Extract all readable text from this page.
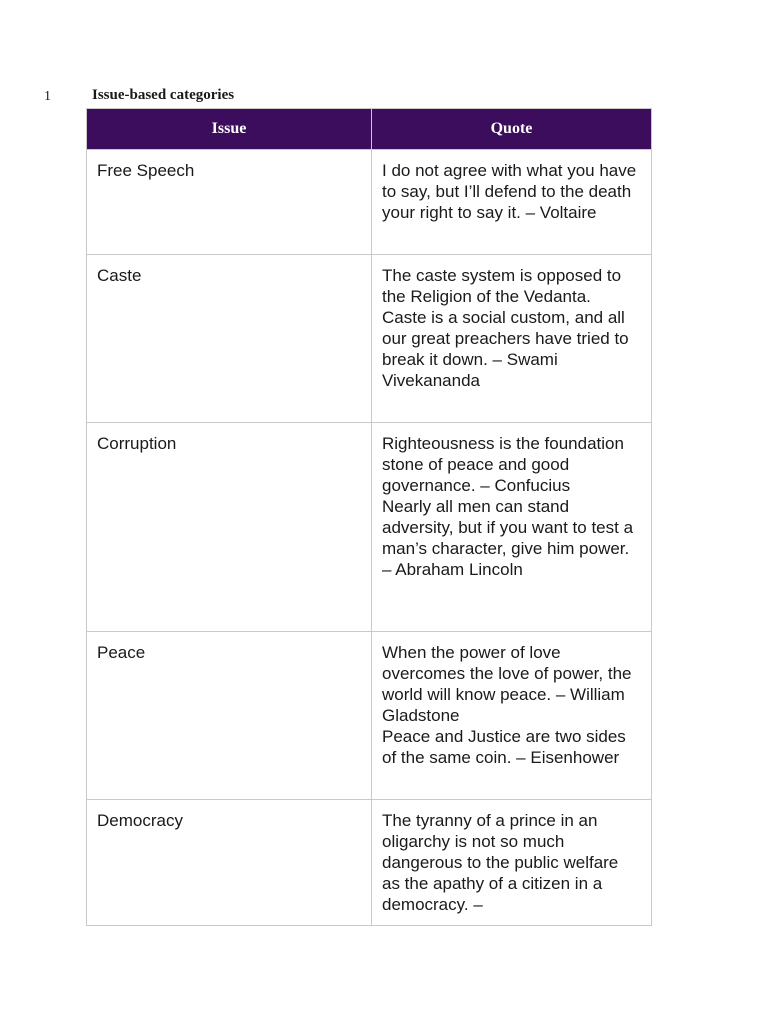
1	Issue-based categories
Issue	Quote
Free Speech	I do not agree with what you have to say, but I’ll defend to the death your right to say it. – Voltaire

Caste	The caste system is opposed to the Religion of the Vedanta. Caste is a social custom, and all our great preachers have tried to break it down. – Swami Vivekananda

Corruption	Righteousness is the foundation stone of peace and good governance. – Confucius
Nearly all men can stand adversity, but if you want to test a man’s character, give him power. – Abraham Lincoln

Peace	When the power of love overcomes the love of power, the world will know peace. – William Gladstone
Peace and Justice are two sides of the same coin. – Eisenhower

Democracy	The tyranny of a prince in an oligarchy is not so much dangerous to the public welfare as the apathy of a citizen in a democracy. –
